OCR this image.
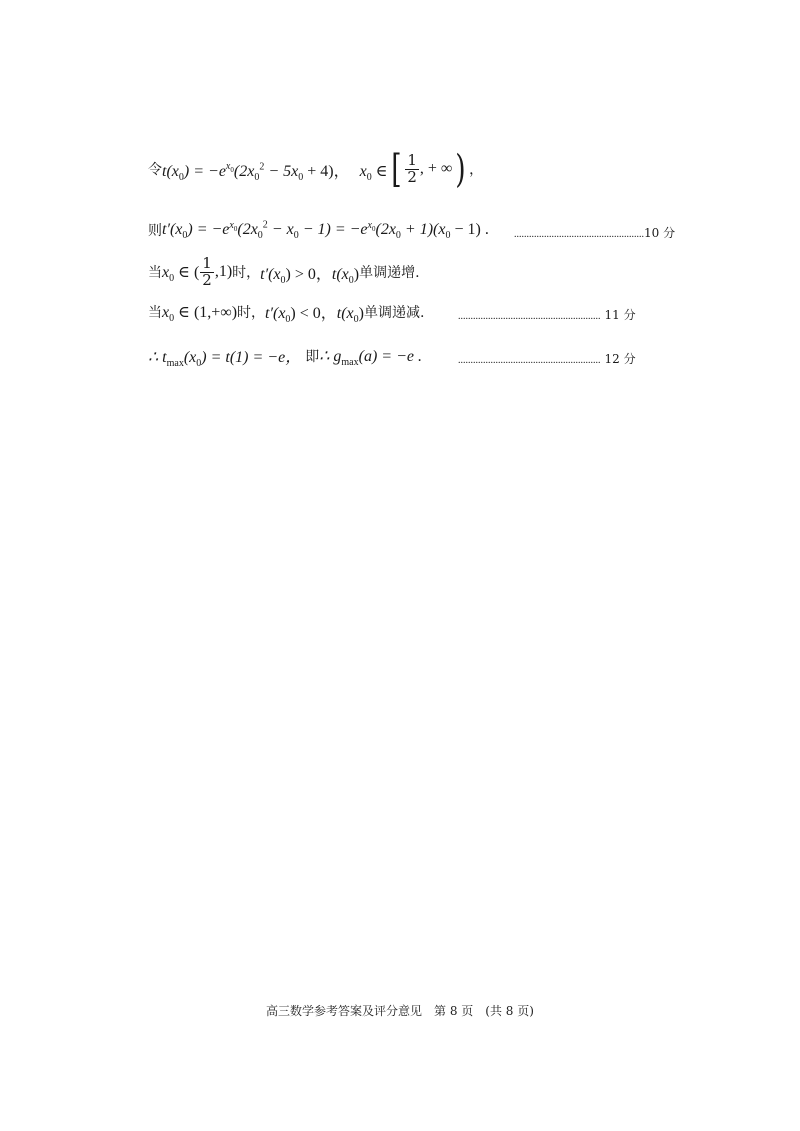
令 $t(x_0) = -e^{x_0}(2x_0^2 - 5x_0 + 4)$， $x_0$ ∈ [ $\frac{1}{2}$ , + ∞ ) ，
则 $t'(x_0) = -e^{x_0}(2x_0^2 - x_0 - 1) = -e^{x_0}(2x_0 + 1)(x_0 - 1)$ .	.................................................... 10 分
当 $x_0$ ∈ ( $\frac{1}{2} ,1$) 时， $t'(x_0) > 0$，$t(x_0)$ 单调递增.
当 $x_0$ ∈ (1,+∞) 时， $t'(x_0) < 0$，$t(x_0)$ 单调递减.	......................................................... 11 分
∴ $t_{max}(x_0) = t(1) = -e$， 即 ∴ $g_{max}(a) = -e$ .	......................................................... 12 分
高三数学参考答案及评分意见　第 8 页　(共 8 页)
